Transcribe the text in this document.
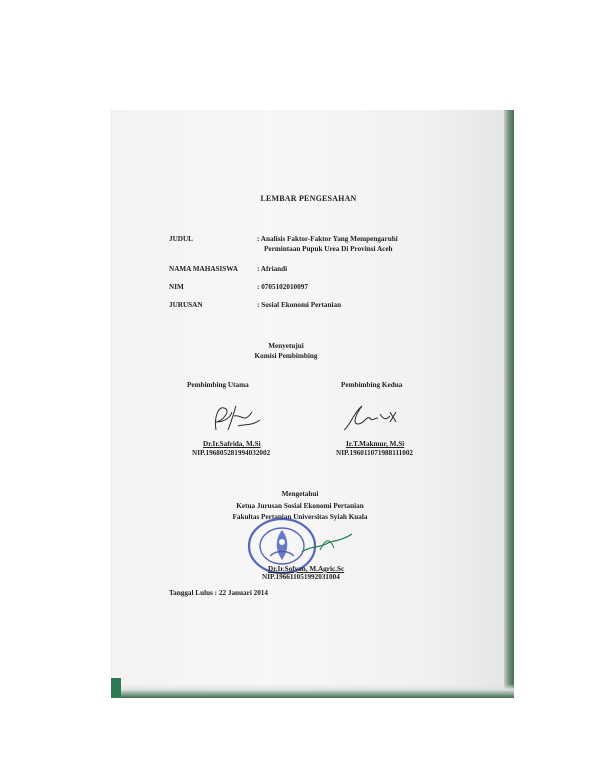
LEMBAR PENGESAHAN
JUDUL	: Analisis Faktor-Faktor Yang Mempengaruhi
Permintaan Pupuk Urea Di Provinsi Aceh
NAMA MAHASISWA	: Afriandi
NIM	: 0705102010097
JURUSAN	: Sosial Ekonomi Pertanian
Menyetujui
Komisi Pembimbing
Pembimbing Utama	Pembimbing Kedua
Dr.Ir.Safrida, M.Si
NIP.196805281994032002
Ir.T.Makmur, M.Si
NIP.196011071988111002
Mengetahui
Ketua Jurusan Sosial Ekonomi Pertanian
Fakultas Pertanian Universitas Syiah Kuala
Dr.Ir.Sofyan, M.Agric.Sc
NIP.196611051992031004
Tanggal Lulus : 22 Januari 2014
